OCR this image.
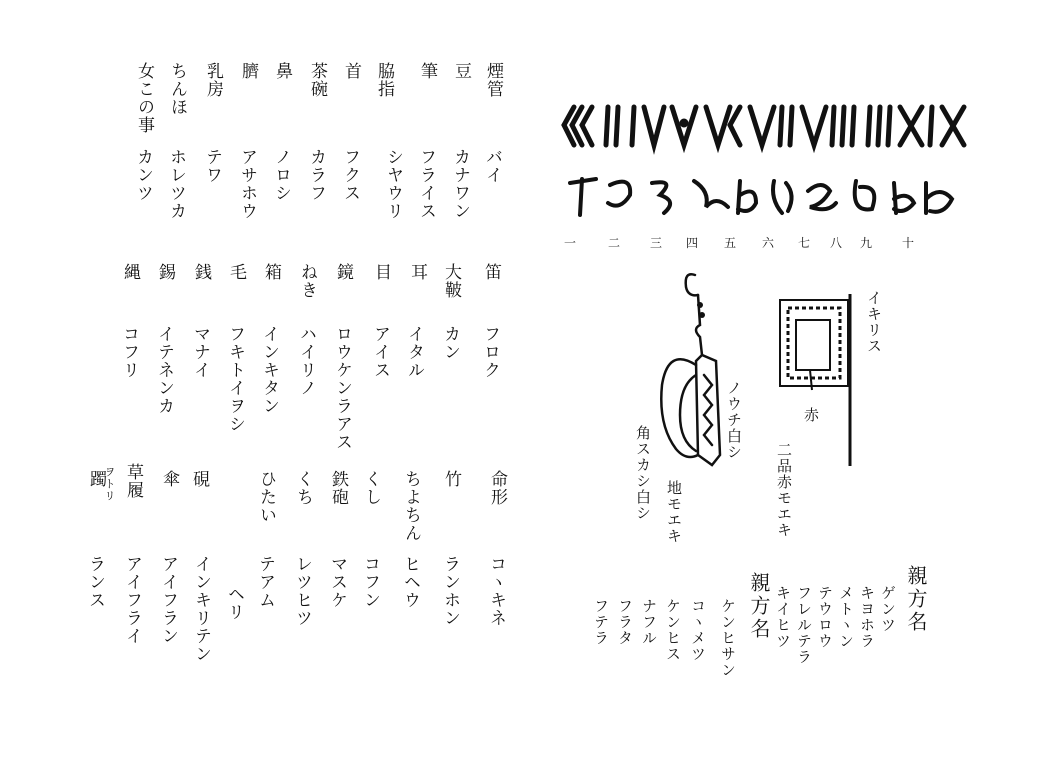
煙管
豆
筆
脇指
首
茶碗
鼻
臍
乳房
ちんほ
女この事
バイ
カナワン
フライス
シヤウリ
フクス
カラフ
ノロシ
アサホウ
テワ
ホレツカ
カンツ
笛
大鞁
耳
目
鏡
ねき
箱
毛
銭
錫
縄
フロク
カン
イタル
アイス
ロウケンラアス
ハイリノ
インキタン
フキトイヲシ
マナイ
イテネンカ
コフリ
命形
竹
ちよちん
くし
鉄砲
くち
ひたい
硯
傘
草履
躅
ヲトリ
コヽキネ
ランホン
ヒヘウ
コフン
マスケ
レツヒツ
テアム
ヘリ
インキリテン
アイフラン
アイフライ
ランス
一	二 三 四 五 六 七 八 九 十
ノウチ白シ
地モエキ
角スカシ白シ
イキリス
赤
二品赤モエキ
親方名
ゲンツ
キヨホラ
メトヽン
テウロウ
フレルテラ
キイヒツ
親方名
ケンヒサン
コヽメツ
ケンヒス
ナフル
フラタ
フテラ
